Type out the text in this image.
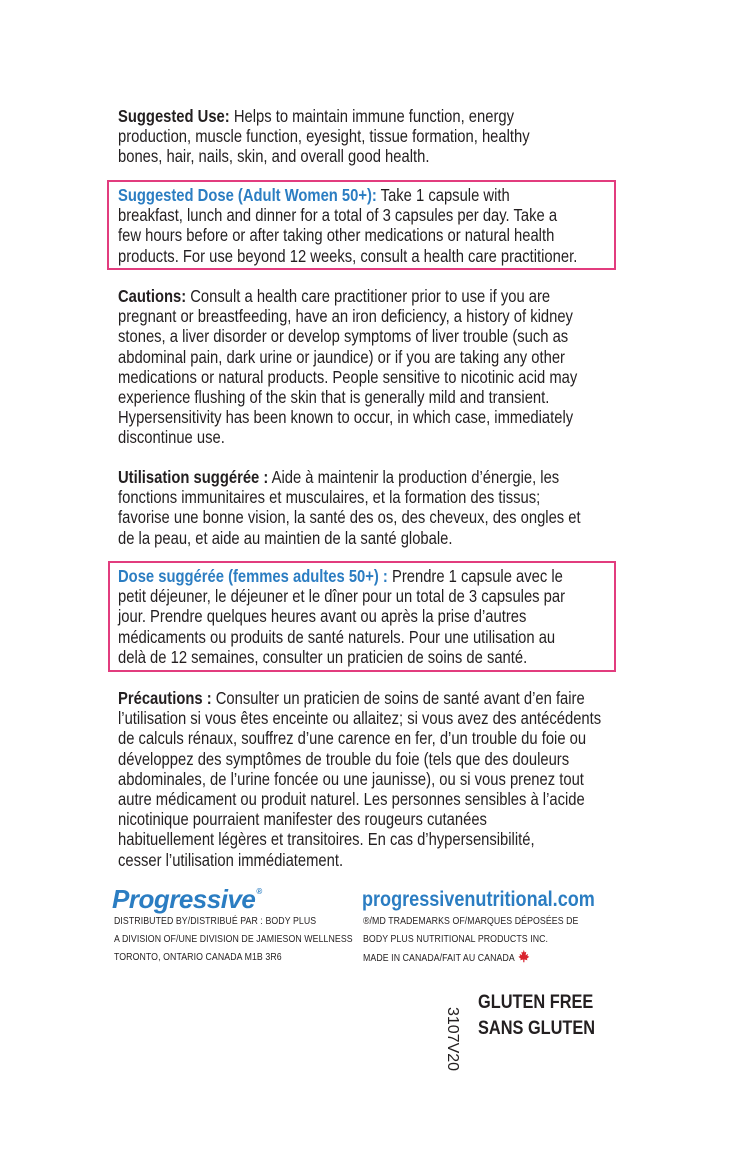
Suggested Use: Helps to maintain immune function, energy
production, muscle function, eyesight, tissue formation, healthy
bones, hair, nails, skin, and overall good health.
Suggested Dose (Adult Women 50+): Take 1 capsule with
breakfast, lunch and dinner for a total of 3 capsules per day. Take a
few hours before or after taking other medications or natural health
products. For use beyond 12 weeks, consult a health care practitioner.
Cautions: Consult a health care practitioner prior to use if you are
pregnant or breastfeeding, have an iron deficiency, a history of kidney
stones, a liver disorder or develop symptoms of liver trouble (such as
abdominal pain, dark urine or jaundice) or if you are taking any other
medications or natural products. People sensitive to nicotinic acid may
experience flushing of the skin that is generally mild and transient.
Hypersensitivity has been known to occur, in which case, immediately
discontinue use.
Utilisation suggérée : Aide à maintenir la production d’énergie, les
fonctions immunitaires et musculaires, et la formation des tissus;
favorise une bonne vision, la santé des os, des cheveux, des ongles et
de la peau, et aide au maintien de la santé globale.
Dose suggérée (femmes adultes 50+) : Prendre 1 capsule avec le
petit déjeuner, le déjeuner et le dîner pour un total de 3 capsules par
jour. Prendre quelques heures avant ou après la prise d’autres
médicaments ou produits de santé naturels. Pour une utilisation au
delà de 12 semaines, consulter un praticien de soins de santé.
Précautions : Consulter un praticien de soins de santé avant d’en faire
l’utilisation si vous êtes enceinte ou allaitez; si vous avez des antécédents
de calculs rénaux, souffrez d’une carence en fer, d’un trouble du foie ou
développez des symptômes de trouble du foie (tels que des douleurs
abdominales, de l’urine foncée ou une jaunisse), ou si vous prenez tout
autre médicament ou produit naturel. Les personnes sensibles à l’acide
nicotinique pourraient manifester des rougeurs cutanées
habituellement légères et transitoires. En cas d’hypersensibilité,
cesser l’utilisation immédiatement.
Progressive®	progressivenutritional.com
DISTRIBUTED BY/DISTRIBUÉ PAR : BODY PLUS
A DIVISION OF/UNE DIVISION DE JAMIESON WELLNESS
TORONTO, ONTARIO CANADA M1B 3R6
®/MD TRADEMARKS OF/MARQUES DÉPOSÉES DE
BODY PLUS NUTRITIONAL PRODUCTS INC.
MADE IN CANADA/FAIT AU CANADA
GLUTEN FREE
SANS GLUTEN
3107V20
